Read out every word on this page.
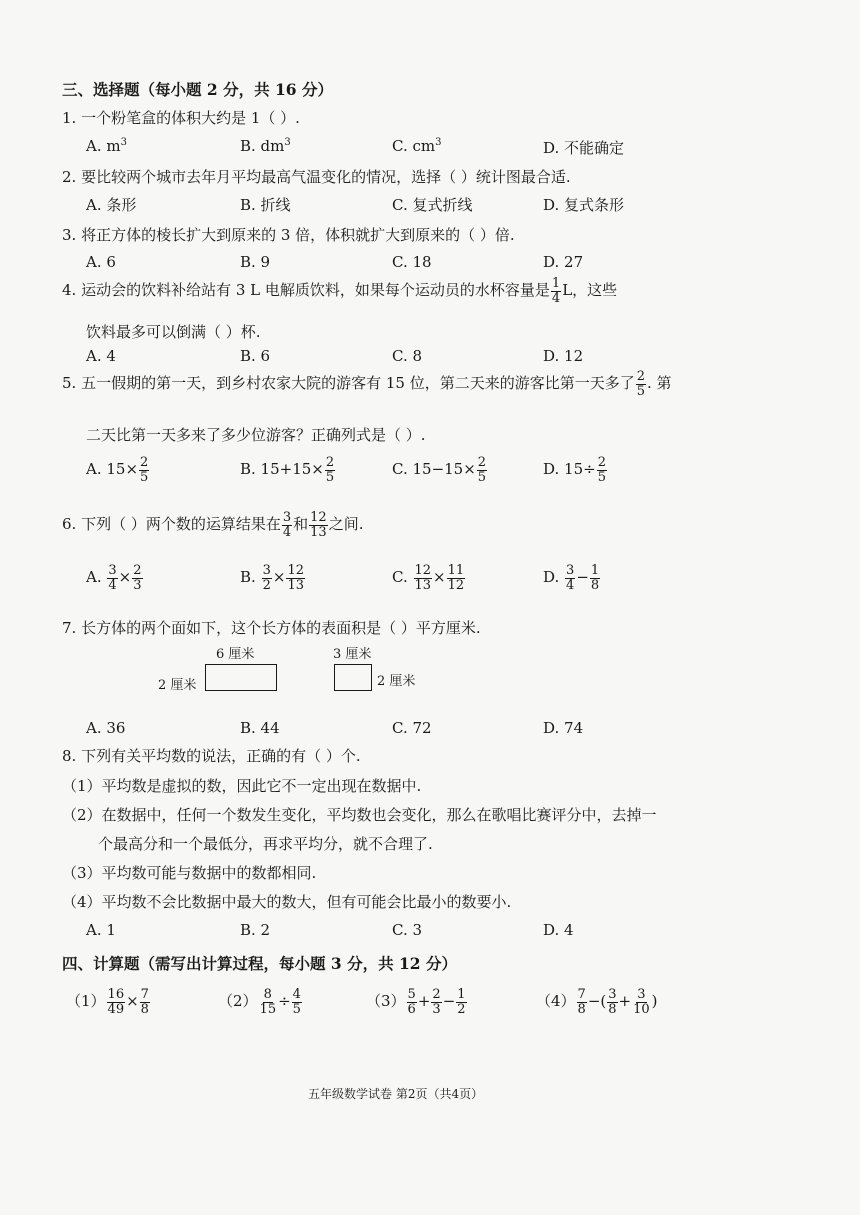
三、选择题（每小题 2 分，共 16 分）
1. 一个粉笔盒的体积大约是 1（ ）.
A. $m^3$	B. $dm^3$	C. $cm^3$	D. 不能确定
2. 要比较两个城市去年月平均最高气温变化的情况，选择（ ）统计图最合适.
A. 条形	B. 折线	C. 复式折线	D. 复式条形
3. 将正方体的棱长扩大到原来的 3 倍，体积就扩大到原来的（ ）倍.
A. 6	B. 9	C. 18	D. 27
4. 运动会的饮料补给站有 3 L 电解质饮料，如果每个运动员的水杯容量是 $\frac{1}{4}$ L，这些
饮料最多可以倒满（ ）杯.
A. 4	B. 6	C. 8	D. 12
5. 五一假期的第一天，到乡村农家大院的游客有 15 位，第二天来的游客比第一天多了 $\frac{2}{5}$ . 第
二天比第一天多来了多少位游客？正确列式是（ ）.
A. $15\times \frac{2}{5}$	B. $15+15\times \frac{2}{5}$	C. $15-15\times \frac{2}{5}$	D. $15\div \frac{2}{5}$
6. 下列（ ）两个数的运算结果在 $\frac{3}{4}$ 和 $\frac{12}{13}$ 之间.
A. $\frac{3}{4} \times \frac{2}{3}$	B. $\frac{3}{2} \times \frac{12}{13}$	C. $\frac{12}{13} \times \frac{11}{12}$	D. $\frac{3}{4} - \frac{1}{8}$
7. 长方体的两个面如下，这个长方体的表面积是（ ）平方厘米.
6 厘米
2 厘米
3 厘米
2 厘米
A. 36	B. 44	C. 72	D. 74
8. 下列有关平均数的说法，正确的有（ ）个.
（1）平均数是虚拟的数，因此它不一定出现在数据中.
（2）在数据中，任何一个数发生变化，平均数也会变化，那么在歌唱比赛评分中，去掉一
个最高分和一个最低分，再求平均分，就不合理了.
（3）平均数可能与数据中的数都相同.
（4）平均数不会比数据中最大的数大，但有可能会比最小的数要小.
A. 1	B. 2	C. 3	D. 4
四、计算题（需写出计算过程，每小题 3 分，共 12 分）
$(1) \frac{16}{49} \times \frac{7}{8}$	$(2) \frac{8}{15} \div \frac{4}{5}$	$(3) \frac{5}{6} + \frac{2}{3} - \frac{1}{2}$	$(4) \frac{7}{8}$ −( $\frac{3}{8} + \frac{3}{10}$ )
五年级数学试卷 第2页（共4页）
